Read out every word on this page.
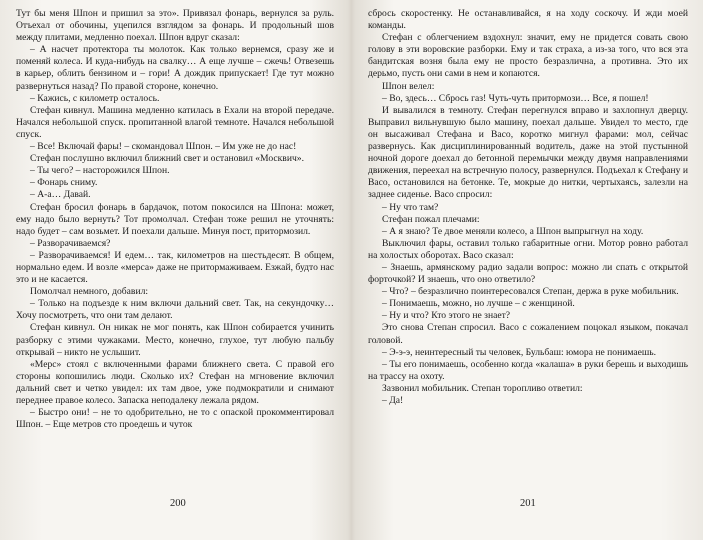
Тут бы меня Шпон и пришил за это». Привязал фонарь, вернулся за руль. Отъехал от обочины, уцепился взглядом за фонарь. И продольный шов между плитами, медленно поехал. Шпон вдруг сказал:

– А насчет протектора ты молоток. Как только вернемся, сразу же и поменяй колеса. И куда-нибудь на свалку… А еще лучше – сжечь! Отвезешь в карьер, облить бензином и – гори! А дождик припускает! Где тут можно развернуться назад? По правой стороне, конечно.

– Кажись, с километр осталось.

Стефан кивнул. Машина медленно катилась в Ехали на второй передаче. Начался небольшой спуск. пропитанной влагой темноте. Начался небольшой спуск.

– Все! Включай фары! – скомандовал Шпон. – Им уже не до нас!

Стефан послушно включил ближний свет и остановил «Москвич».

– Ты чего? – насторожился Шпон.

– Фонарь сниму.

– А-а… Давай.

Стефан бросил фонарь в бардачок, потом покосился на Шпона: может, ему надо было вернуть? Тот промолчал. Стефан тоже решил не уточнять: надо будет – сам возьмет. И поехали дальше. Минуя пост, притормозил.

– Разворачиваемся?

– Разворачиваемся! И едем… так, километров на шестьдесят. В общем, нормально едем. И возле «мерса» даже не притормаживаем. Езжай, будто нас это и не касается.

Помолчал немного, добавил:

– Только на подъезде к ним включи дальний свет. Так, на секундочку… Хочу посмотреть, что они там делают.

Стефан кивнул. Он никак не мог понять, как Шпон собирается учинить разборку с этими чужаками. Место, конечно, глухое, тут любую пальбу открывай – никто не услышит.

«Мерс» стоял с включенными фарами ближнего света. С правой его стороны копошились люди. Сколько их? Стефан на мгновение включил дальний свет и четко увидел: их там двое, уже подмократили и снимают переднее правое колесо. Запаска неподалеку лежала рядом.

– Быстро они! – не то одобрительно, не то с опаской прокомментировал Шпон. – Еще метров сто проедешь и чуток

сбрось скоростенку. Не останавливайся, я на ходу соскочу. И жди моей команды.

Стефан с облегчением вздохнул: значит, ему не придется совать свою голову в эти воровские разборки. Ему и так страха, а из-за того, что вся эта бандитская возня была ему не просто безразлична, а противна. Это их дерьмо, пусть они сами в нем и копаются.

Шпон велел:

– Во, здесь… Сбрось газ! Чуть-чуть притормози… Все, я пошел!

И вывалился в темноту. Стефан перегнулся вправо и захлопнул дверцу. Выправил вильнувшую было машину, поехал дальше. Увидел то место, где он высаживал Стефана и Васо, коротко мигнул фарами: мол, сейчас развернусь. Как дисциплинированный водитель, даже на этой пустынной ночной дороге доехал до бетонной перемычки между двумя направлениями движения, переехал на встречную полосу, развернулся. Подъехал к Стефану и Васо, остановился на бетонке. Те, мокрые до нитки, чертыхаясь, залезли на заднее сиденье. Васо спросил:

– Ну что там?

Стефан пожал плечами:

– А я знаю? Те двое меняли колесо, а Шпон выпрыгнул на ходу.

Выключил фары, оставил только габаритные огни. Мотор ровно работал на холостых оборотах. Васо сказал:

– Знаешь, армянскому радио задали вопрос: можно ли спать с открытой форточкой? И знаешь, что оно ответило?

– Что? – безразлично поинтересовался Степан, держа в руке мобильник.

– Понимаешь, можно, но лучше – с женщиной.

– Ну и что? Кто этого не знает?

Это снова Степан спросил. Васо с сожалением поцокал языком, покачал головой.

– Э-э-э, неинтересный ты человек, Бульбаш: юмора не понимаешь.

– Ты его понимаешь, особенно когда «калаша» в руки берешь и выходишь на трассу на охоту.

Зазвонил мобильник. Степан торопливо ответил:

– Да!

200	201
